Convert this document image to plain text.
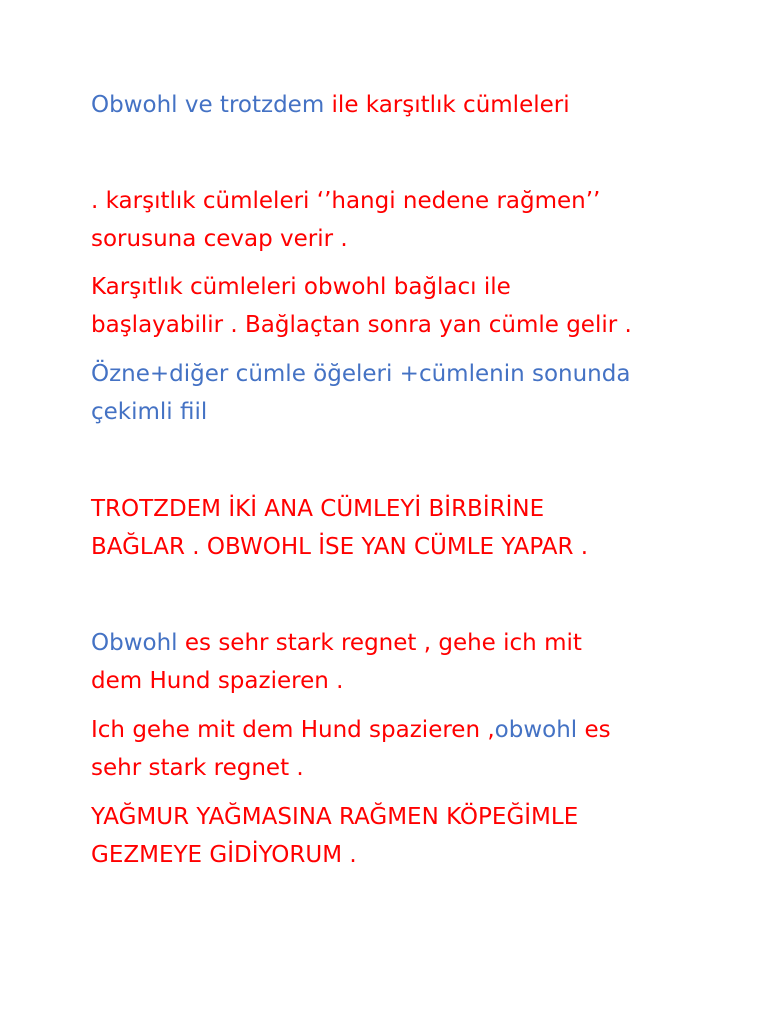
Obwohl ve trotzdem ile karşıtlık cümleleri

. karşıtlık cümleleri ‘’hangi nedene rağmen’’
sorusuna cevap verir .

Karşıtlık cümleleri obwohl bağlacı ile
başlayabilir . Bağlaçtan sonra yan cümle gelir .

Özne+diğer cümle öğeleri +cümlenin sonunda
çekimli fiil

TROTZDEM İKİ ANA CÜMLEYİ BİRBİRİNE
BAĞLAR . OBWOHL İSE YAN CÜMLE YAPAR .

Obwohl es sehr stark regnet , gehe ich mit
dem Hund spazieren .

Ich gehe mit dem Hund spazieren ,obwohl es
sehr stark regnet .

YAĞMUR YAĞMASINA RAĞMEN KÖPEĞİMLE
GEZMEYE GİDİYORUM .
